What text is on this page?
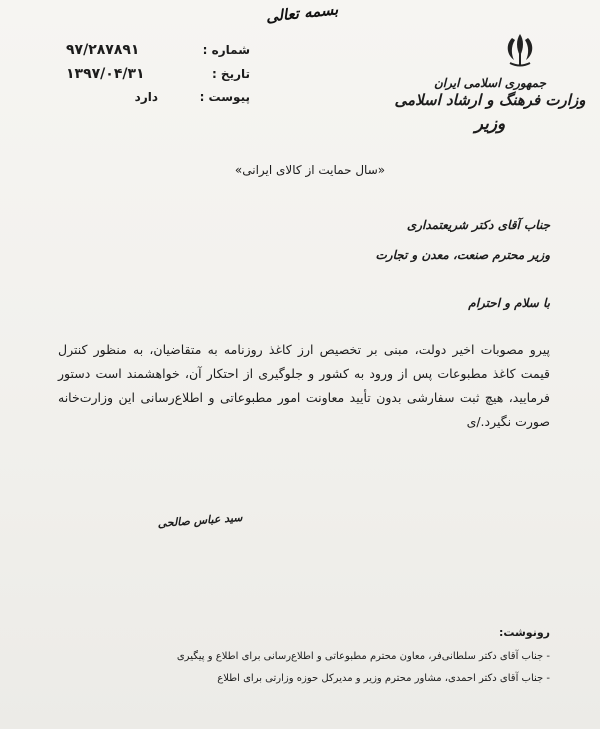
بسمه تعالی
جمهوری اسلامی ایران
وزارت فرهنگ و ارشاد اسلامی
وزیر
شماره :
۹۷/۲۸۷۸۹۱
تاریخ :
۱۳۹۷/۰۴/۳۱
پیوست :
دارد
«سال حمایت از کالای ایرانی»
جناب آقای دکتر شریعتمداری
وزیر محترم صنعت، معدن و تجارت
با سلام و احترام
پیرو مصوبات اخیر دولت، مبنی بر تخصیص ارز کاغذ روزنامه به متقاضیان، به منظور کنترل قیمت کاغذ مطبوعات پس از ورود به کشور و جلوگیری از احتکار آن، خواهشمند است دستور فرمایید، هیچ ثبت سفارشی بدون تأیید معاونت امور مطبوعاتی و اطلاع‌رسانی این وزارت‌خانه صورت نگیرد./ی
سید عباس صالحی
رونوشت:
- جناب آقای دکتر سلطانی‌فر، معاون محترم مطبوعاتی و اطلاع‌رسانی برای اطلاع و پیگیری
- جناب آقای دکتر احمدی، مشاور محترم وزیر و مدیرکل حوزه وزارتی برای اطلاع
